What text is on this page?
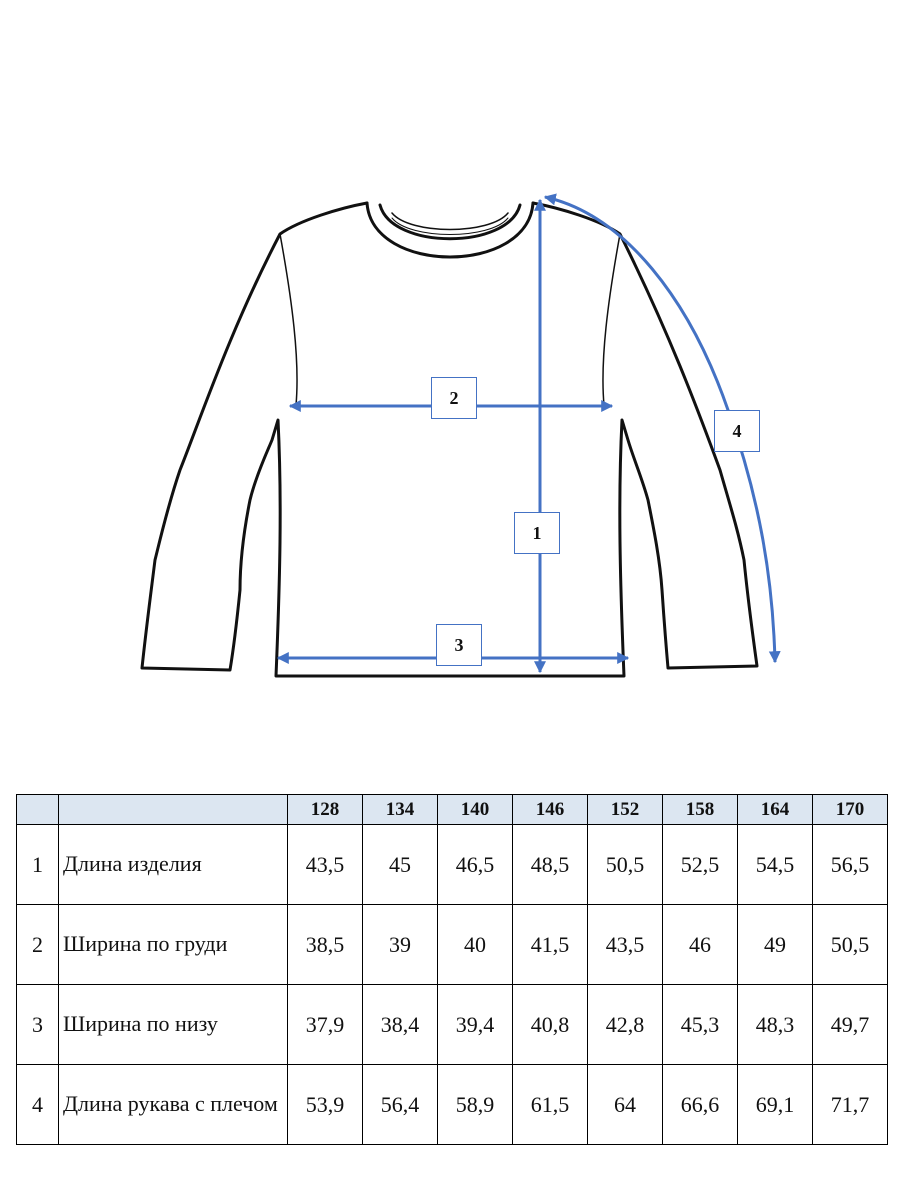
2
1
3
4
		128	134	140	146	152	158	164	170
1	Длина изделия	43,5	45	46,5	48,5	50,5	52,5	54,5	56,5
2	Ширина по груди	38,5	39	40	41,5	43,5	46	49	50,5
3	Ширина по низу	37,9	38,4	39,4	40,8	42,8	45,3	48,3	49,7
4	Длина рукава с плечом	53,9	56,4	58,9	61,5	64	66,6	69,1	71,7
